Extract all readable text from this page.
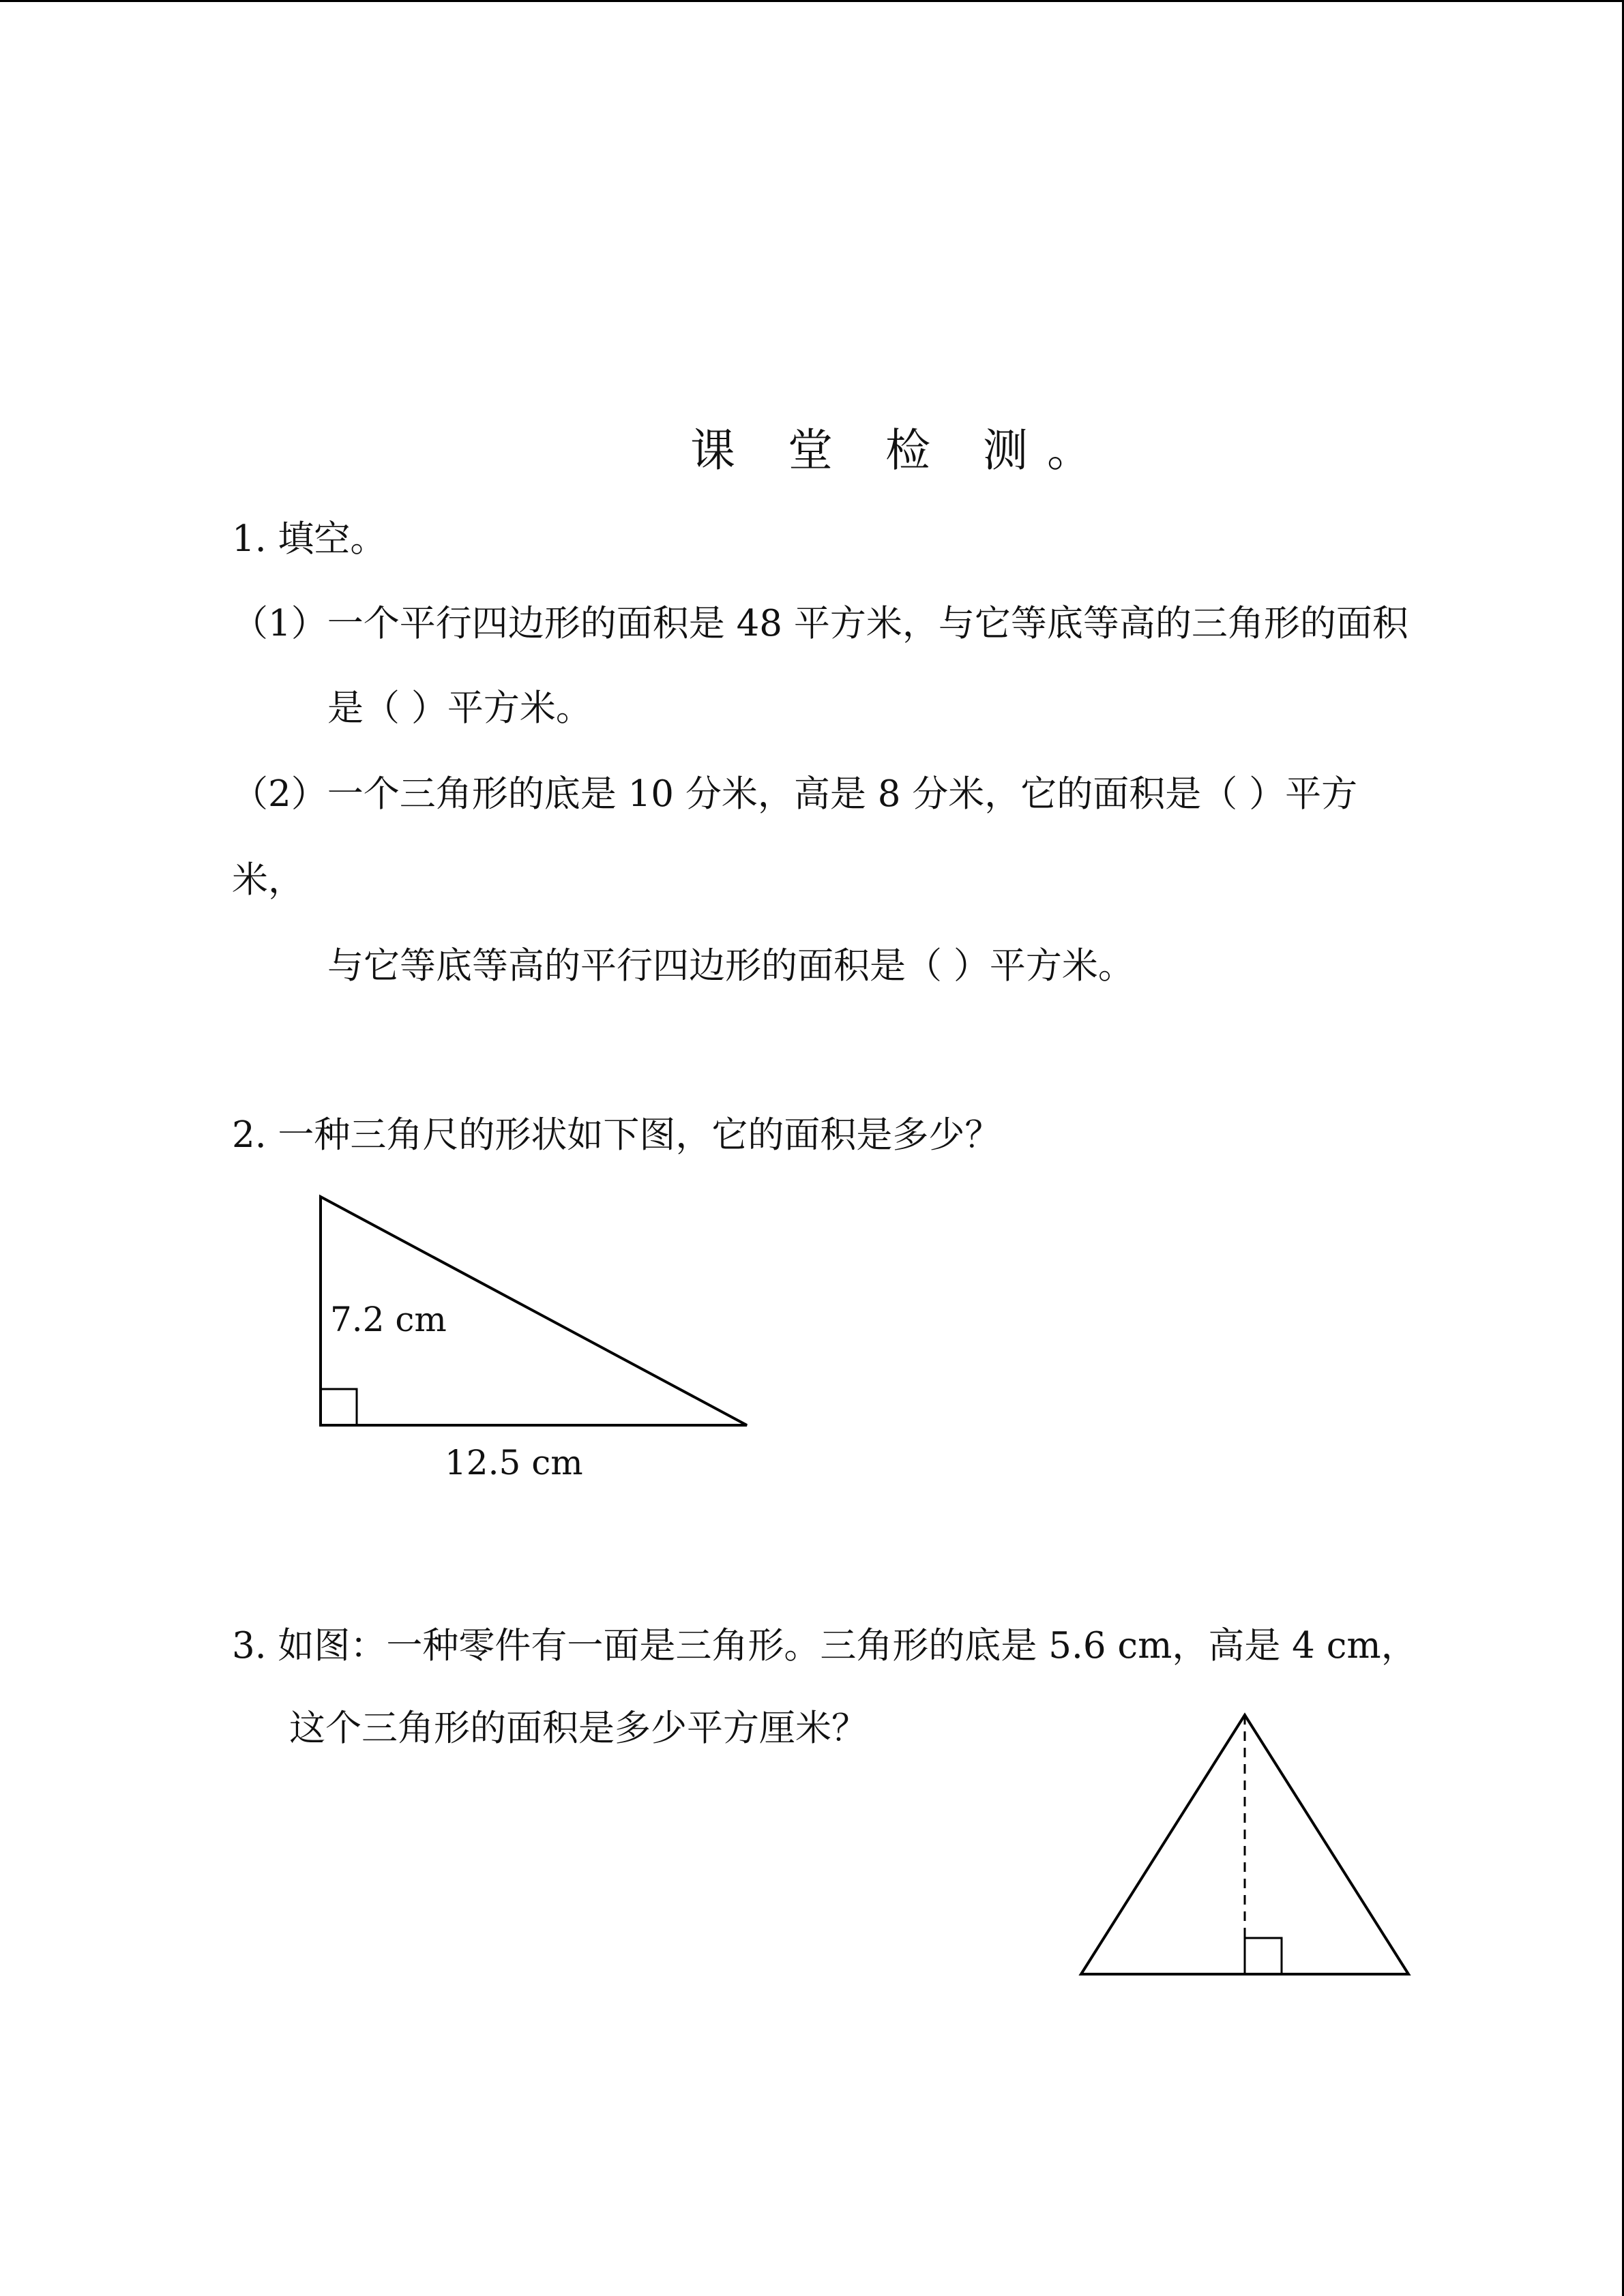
课 堂 检 测。
1. 填空。
（1）一个平行四边形的面积是 48 平方米，与它等底等高的三角形的面积
是（ ）平方米。
（2）一个三角形的底是 10 分米，高是 8 分米，它的面积是（ ）平方
米，
与它等底等高的平行四边形的面积是（ ）平方米。
2. 一种三角尺的形状如下图，它的面积是多少？
7.2 cm
12.5 cm
3. 如图：一种零件有一面是三角形。三角形的底是 5.6 cm，高是 4 cm，
这个三角形的面积是多少平方厘米？
